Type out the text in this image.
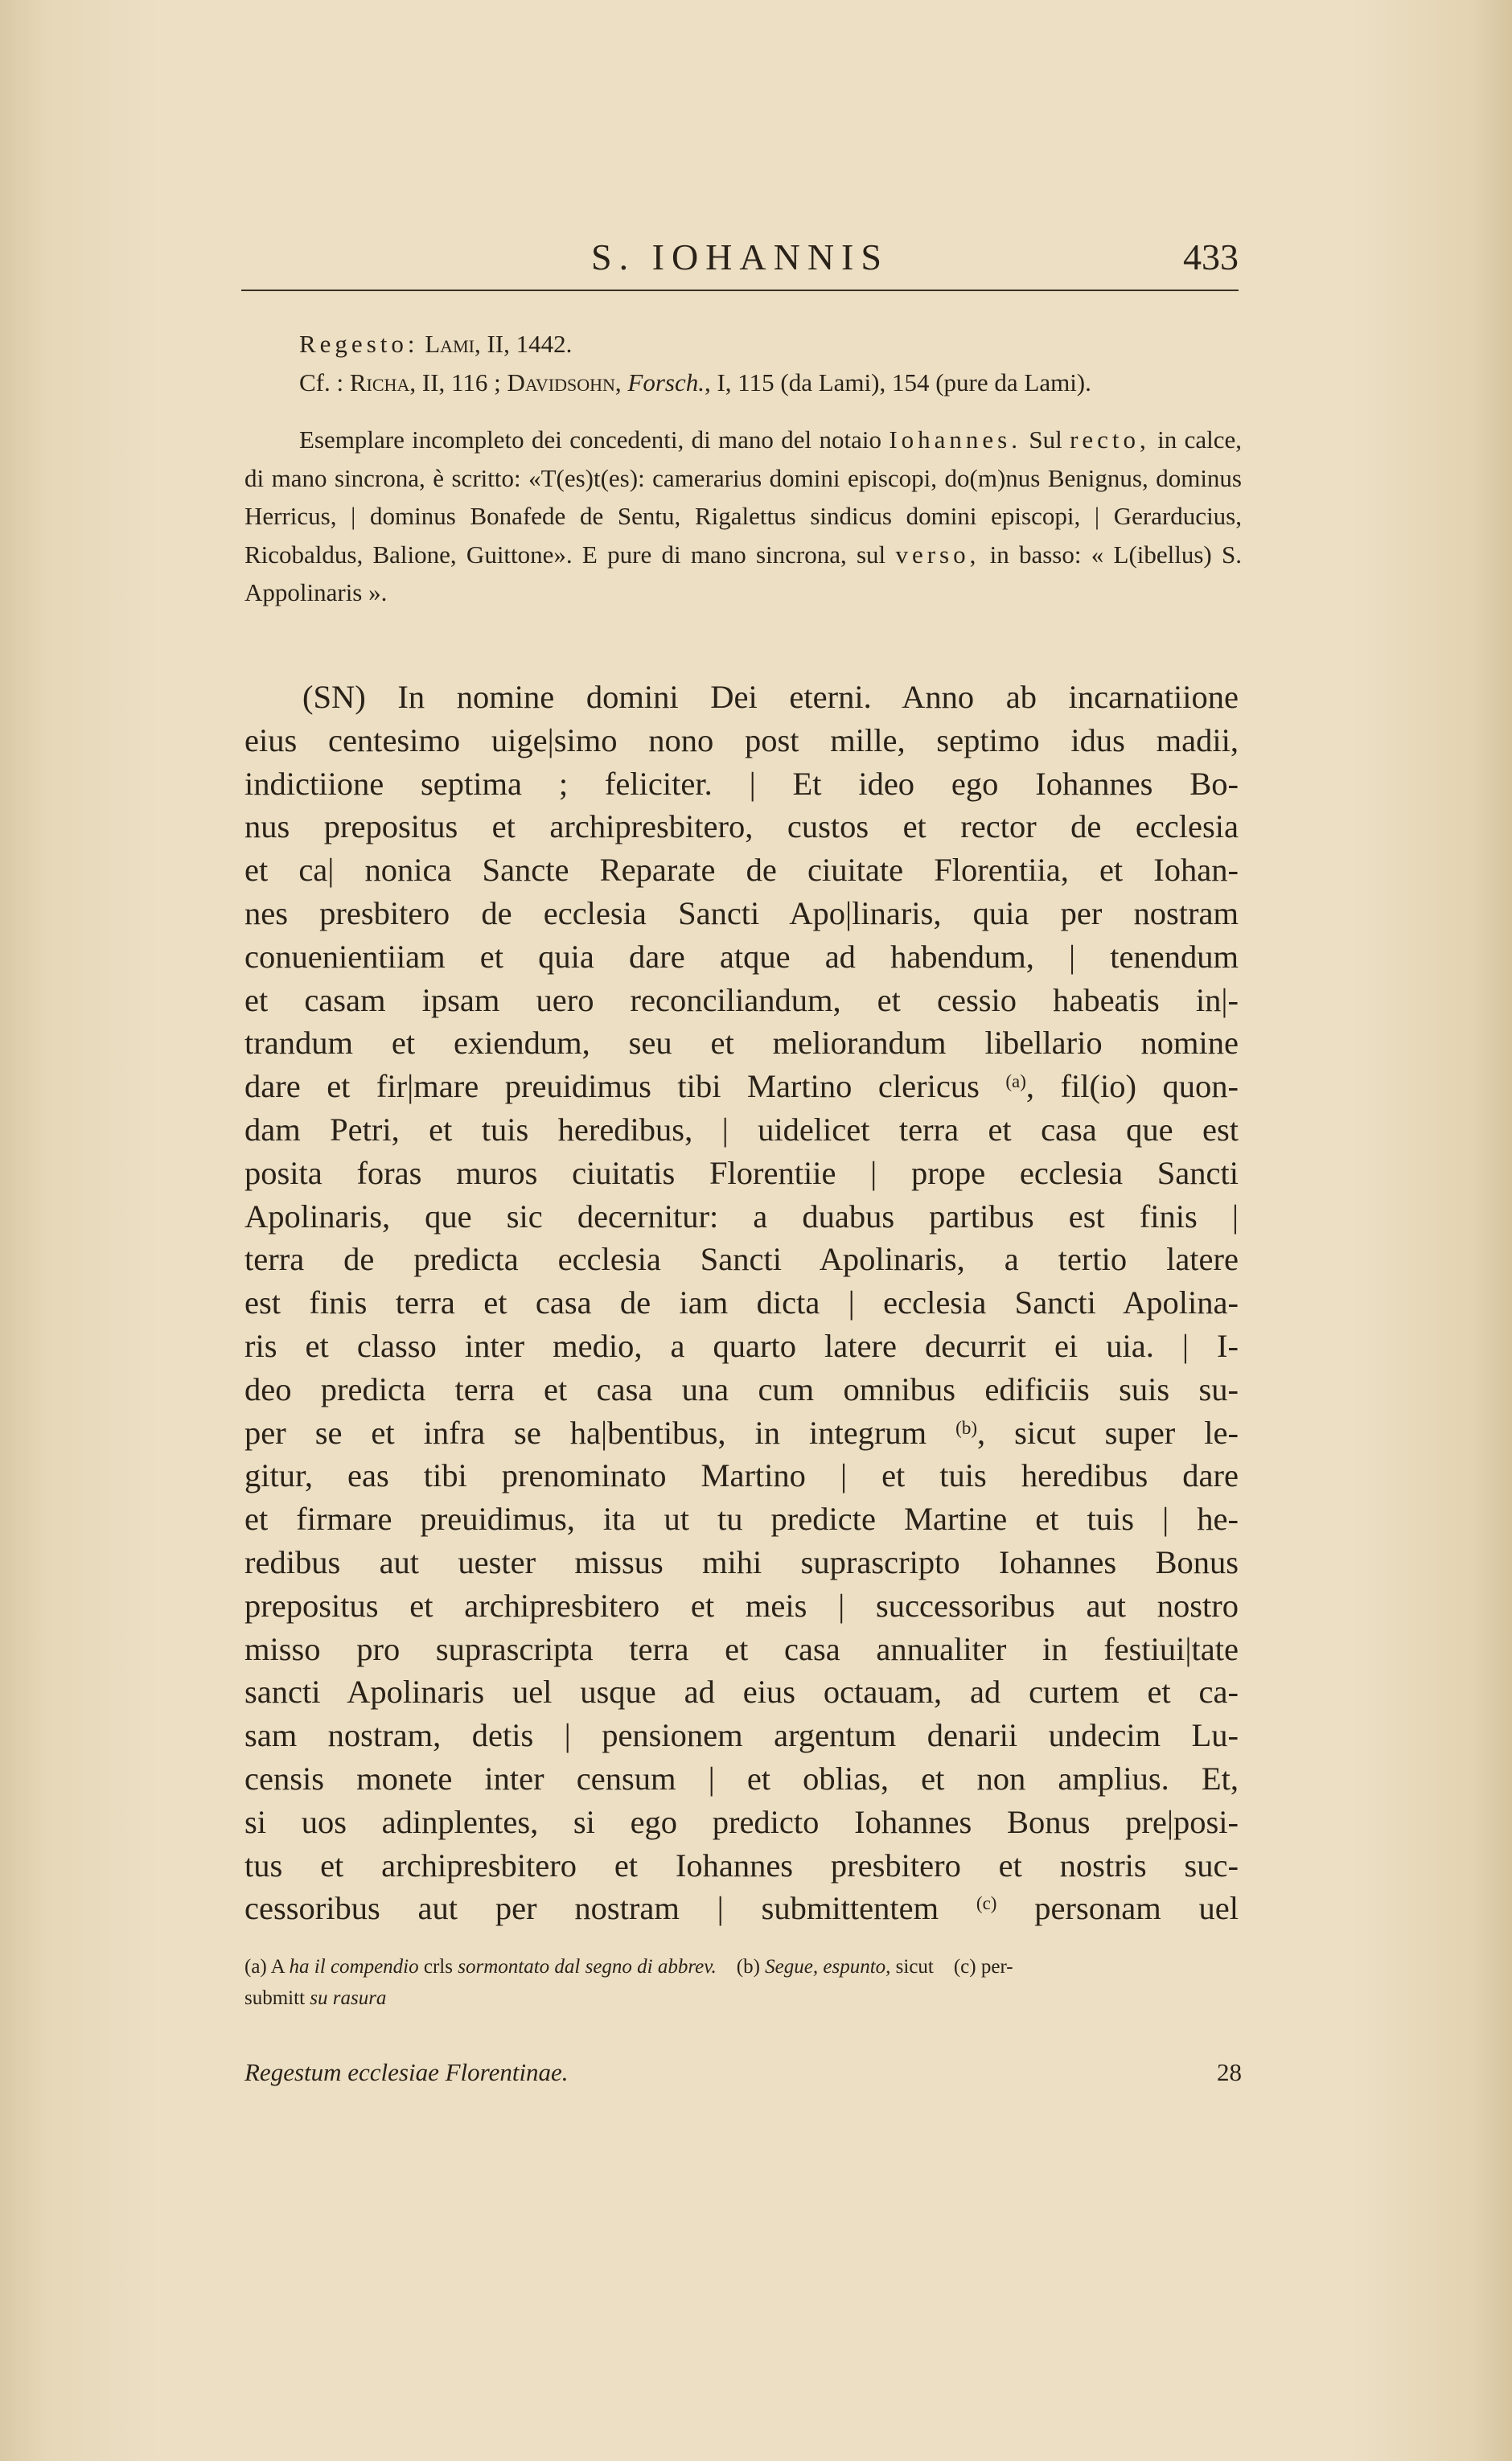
S. IOHANNIS	433

Regesto: Lami, II, 1442.

Cf. : Richa, II, 116 ; Davidsohn, Forsch., I, 115 (da Lami), 154 (pure da Lami).

Esemplare incompleto dei concedenti, di mano del notaio Iohannes. Sul recto, in calce, di mano sincrona, è scritto: «T(es)t(es): camerarius domini episcopi, do(m)nus Benignus, dominus Herricus, | dominus Bonafede de Sentu, Rigalettus sindicus domini episcopi, | Gerarducius, Ricobaldus, Balione, Guittone». E pure di mano sincrona, sul verso, in basso: « L(ibellus) S. Appolinaris ».

(SN) In nomine domini Dei eterni. Anno ab incarnatiione
eius centesimo uige|simo nono post mille, septimo idus madii,
indictiione septima ; feliciter. | Et ideo ego Iohannes Bo-
nus prepositus et archipresbitero, custos et rector de ecclesia
et ca| nonica Sancte Reparate de ciuitate Florentiia, et Iohan-
nes presbitero de ecclesia Sancti Apo|linaris, quia per nostram
conuenientiiam et quia dare atque ad habendum, | tenendum
et casam ipsam uero reconciliandum, et cessio habeatis in|-
trandum et exiendum, seu et meliorandum libellario nomine
dare et fir|mare preuidimus tibi Martino clericus $^{(a)}$, fil(io) quon-
dam Petri, et tuis heredibus, | uidelicet terra et casa que est
posita foras muros ciuitatis Florentiie | prope ecclesia Sancti
Apolinaris, que sic decernitur: a duabus partibus est finis |
terra de predicta ecclesia Sancti Apolinaris, a tertio latere
est finis terra et casa de iam dicta | ecclesia Sancti Apolina-
ris et classo inter medio, a quarto latere decurrit ei uia. | I-
deo predicta terra et casa una cum omnibus edificiis suis su-
per se et infra se ha|bentibus, in integrum $^{(b)}$, sicut super le-
gitur, eas tibi prenominato Martino | et tuis heredibus dare
et firmare preuidimus, ita ut tu predicte Martine et tuis | he-
redibus aut uester missus mihi suprascripto Iohannes Bonus
prepositus et archipresbitero et meis | successoribus aut nostro
misso pro suprascripta terra et casa annualiter in festiui|tate
sancti Apolinaris uel usque ad eius octauam, ad curtem et ca-
sam nostram, detis | pensionem argentum denarii undecim Lu-
censis monete inter censum | et oblias, et non amplius. Et,
si uos adinplentes, si ego predicto Iohannes Bonus pre|posi-
tus et archipresbitero et Iohannes presbitero et nostris suc-
cessoribus aut per nostram | submittentem $^{(c)}$ personam uel
(a) A ha il compendio crls sormontato dal segno di abbrev. (b) Segue, espunto, sicut (c) per-
submitt su rasura
Regestum ecclesiae Florentinae.	28
